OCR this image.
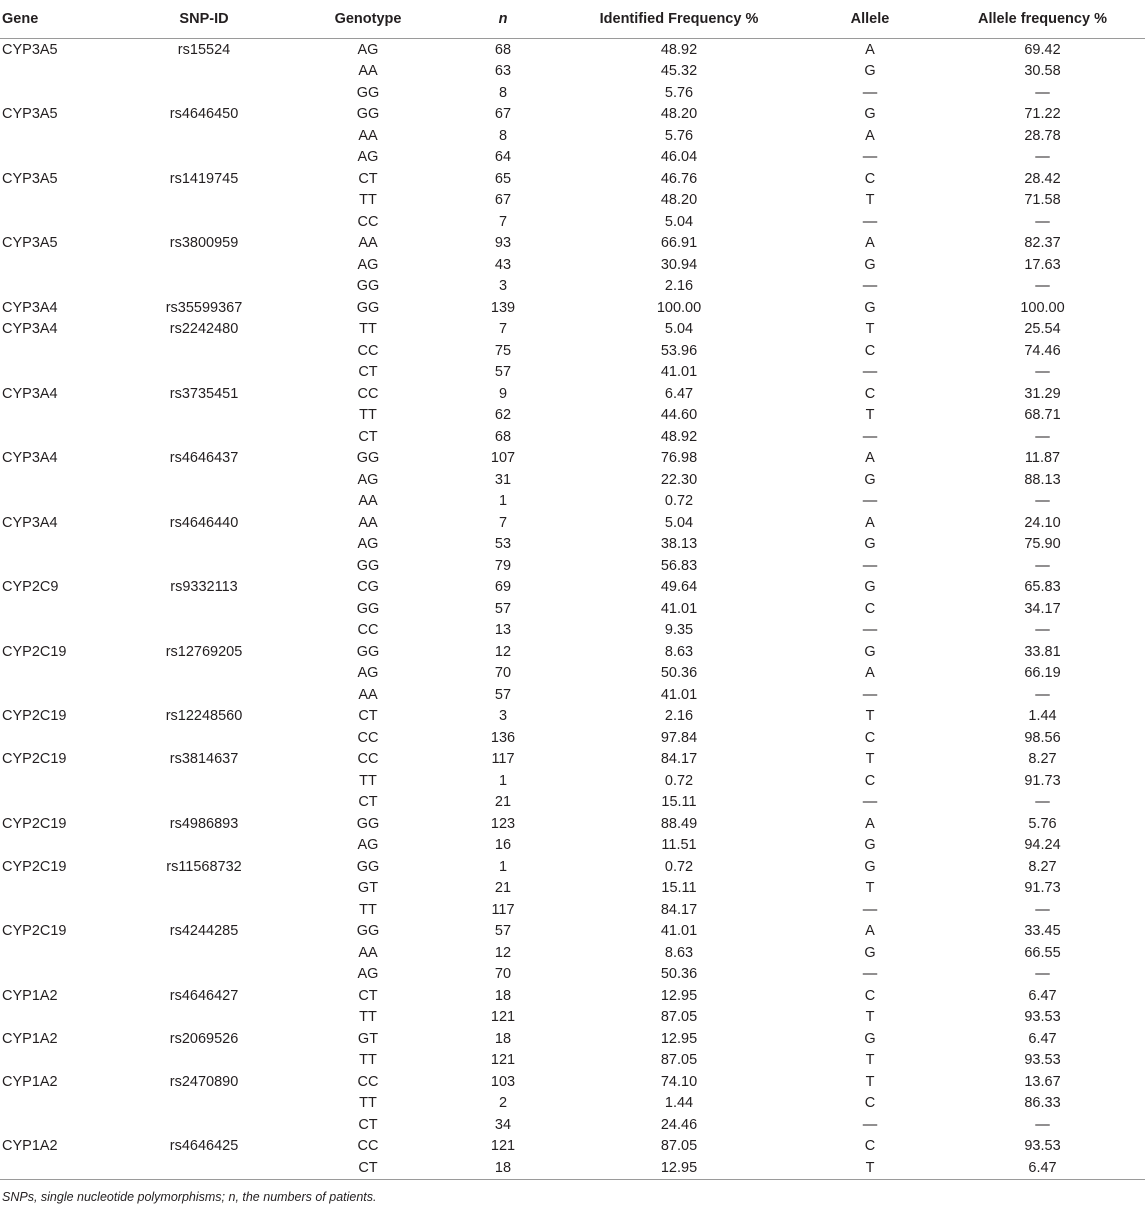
Gene	SNP-ID	Genotype	n	Identified Frequency %	Allele	Allele frequency %
CYP3A5	rs15524	AG	68	48.92	A	69.42
		AA	63	45.32	G	30.58
		GG	8	5.76	—	—
CYP3A5	rs4646450	GG	67	48.20	G	71.22
		AA	8	5.76	A	28.78
		AG	64	46.04	—	—
CYP3A5	rs1419745	CT	65	46.76	C	28.42
		TT	67	48.20	T	71.58
		CC	7	5.04	—	—
CYP3A5	rs3800959	AA	93	66.91	A	82.37
		AG	43	30.94	G	17.63
		GG	3	2.16	—	—
CYP3A4	rs35599367	GG	139	100.00	G	100.00
CYP3A4	rs2242480	TT	7	5.04	T	25.54
		CC	75	53.96	C	74.46
		CT	57	41.01	—	—
CYP3A4	rs3735451	CC	9	6.47	C	31.29
		TT	62	44.60	T	68.71
		CT	68	48.92	—	—
CYP3A4	rs4646437	GG	107	76.98	A	11.87
		AG	31	22.30	G	88.13
		AA	1	0.72	—	—
CYP3A4	rs4646440	AA	7	5.04	A	24.10
		AG	53	38.13	G	75.90
		GG	79	56.83	—	—
CYP2C9	rs9332113	CG	69	49.64	G	65.83
		GG	57	41.01	C	34.17
		CC	13	9.35	—	—
CYP2C19	rs12769205	GG	12	8.63	G	33.81
		AG	70	50.36	A	66.19
		AA	57	41.01	—	—
CYP2C19	rs12248560	CT	3	2.16	T	1.44
		CC	136	97.84	C	98.56
CYP2C19	rs3814637	CC	117	84.17	T	8.27
		TT	1	0.72	C	91.73
		CT	21	15.11	—	—
CYP2C19	rs4986893	GG	123	88.49	A	5.76
		AG	16	11.51	G	94.24
CYP2C19	rs11568732	GG	1	0.72	G	8.27
		GT	21	15.11	T	91.73
		TT	117	84.17	—	—
CYP2C19	rs4244285	GG	57	41.01	A	33.45
		AA	12	8.63	G	66.55
		AG	70	50.36	—	—
CYP1A2	rs4646427	CT	18	12.95	C	6.47
		TT	121	87.05	T	93.53
CYP1A2	rs2069526	GT	18	12.95	G	6.47
		TT	121	87.05	T	93.53
CYP1A2	rs2470890	CC	103	74.10	T	13.67
		TT	2	1.44	C	86.33
		CT	34	24.46	—	—
CYP1A2	rs4646425	CC	121	87.05	C	93.53
		CT	18	12.95	T	6.47
SNPs, single nucleotide polymorphisms; n, the numbers of patients.
